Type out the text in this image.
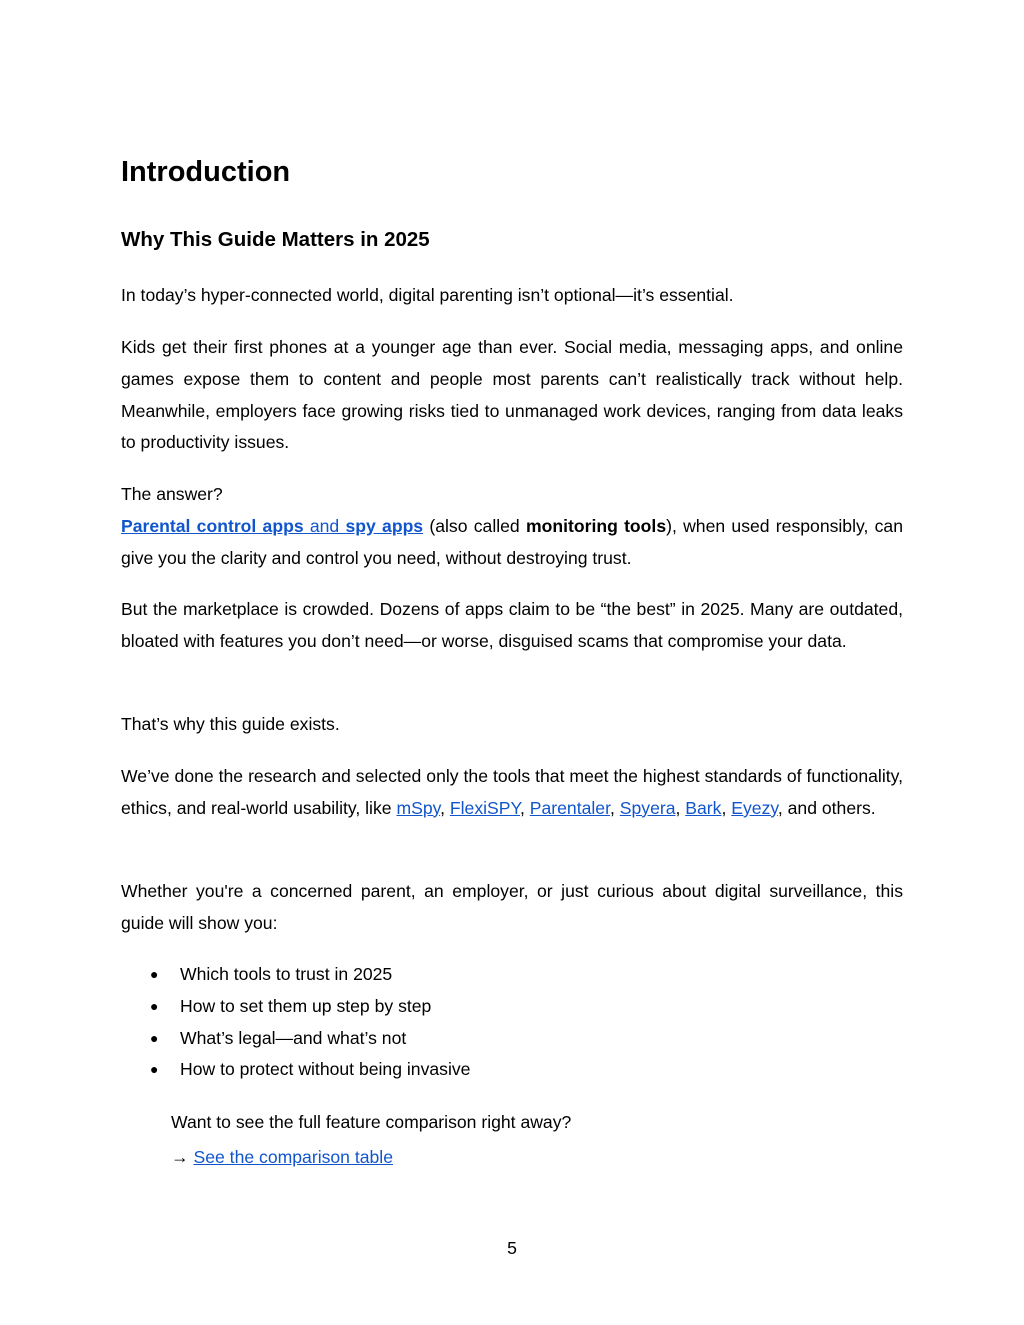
Introduction
Why This Guide Matters in 2025

In today’s hyper-connected world, digital parenting isn’t optional—it’s essential.

Kids get their first phones at a younger age than ever. Social media, messaging apps, and online games expose them to content and people most parents can’t realistically track without help. Meanwhile, employers face growing risks tied to unmanaged work devices, ranging from data leaks to productivity issues.

The answer?
Parental control apps and spy apps (also called monitoring tools), when used responsibly, can give you the clarity and control you need, without destroying trust.

But the marketplace is crowded. Dozens of apps claim to be “the best” in 2025. Many are outdated, bloated with features you don’t need—or worse, disguised scams that compromise your data.

That’s why this guide exists.

We’ve done the research and selected only the tools that meet the highest standards of functionality, ethics, and real-world usability, like mSpy, FlexiSPY, Parentaler, Spyera, Bark, Eyezy, and others.

Whether you're a concerned parent, an employer, or just curious about digital surveillance, this guide will show you:

● Which tools to trust in 2025
● How to set them up step by step
● What’s legal—and what’s not
● How to protect without being invasive

Want to see the full feature comparison right away?

→ See the comparison table

5
